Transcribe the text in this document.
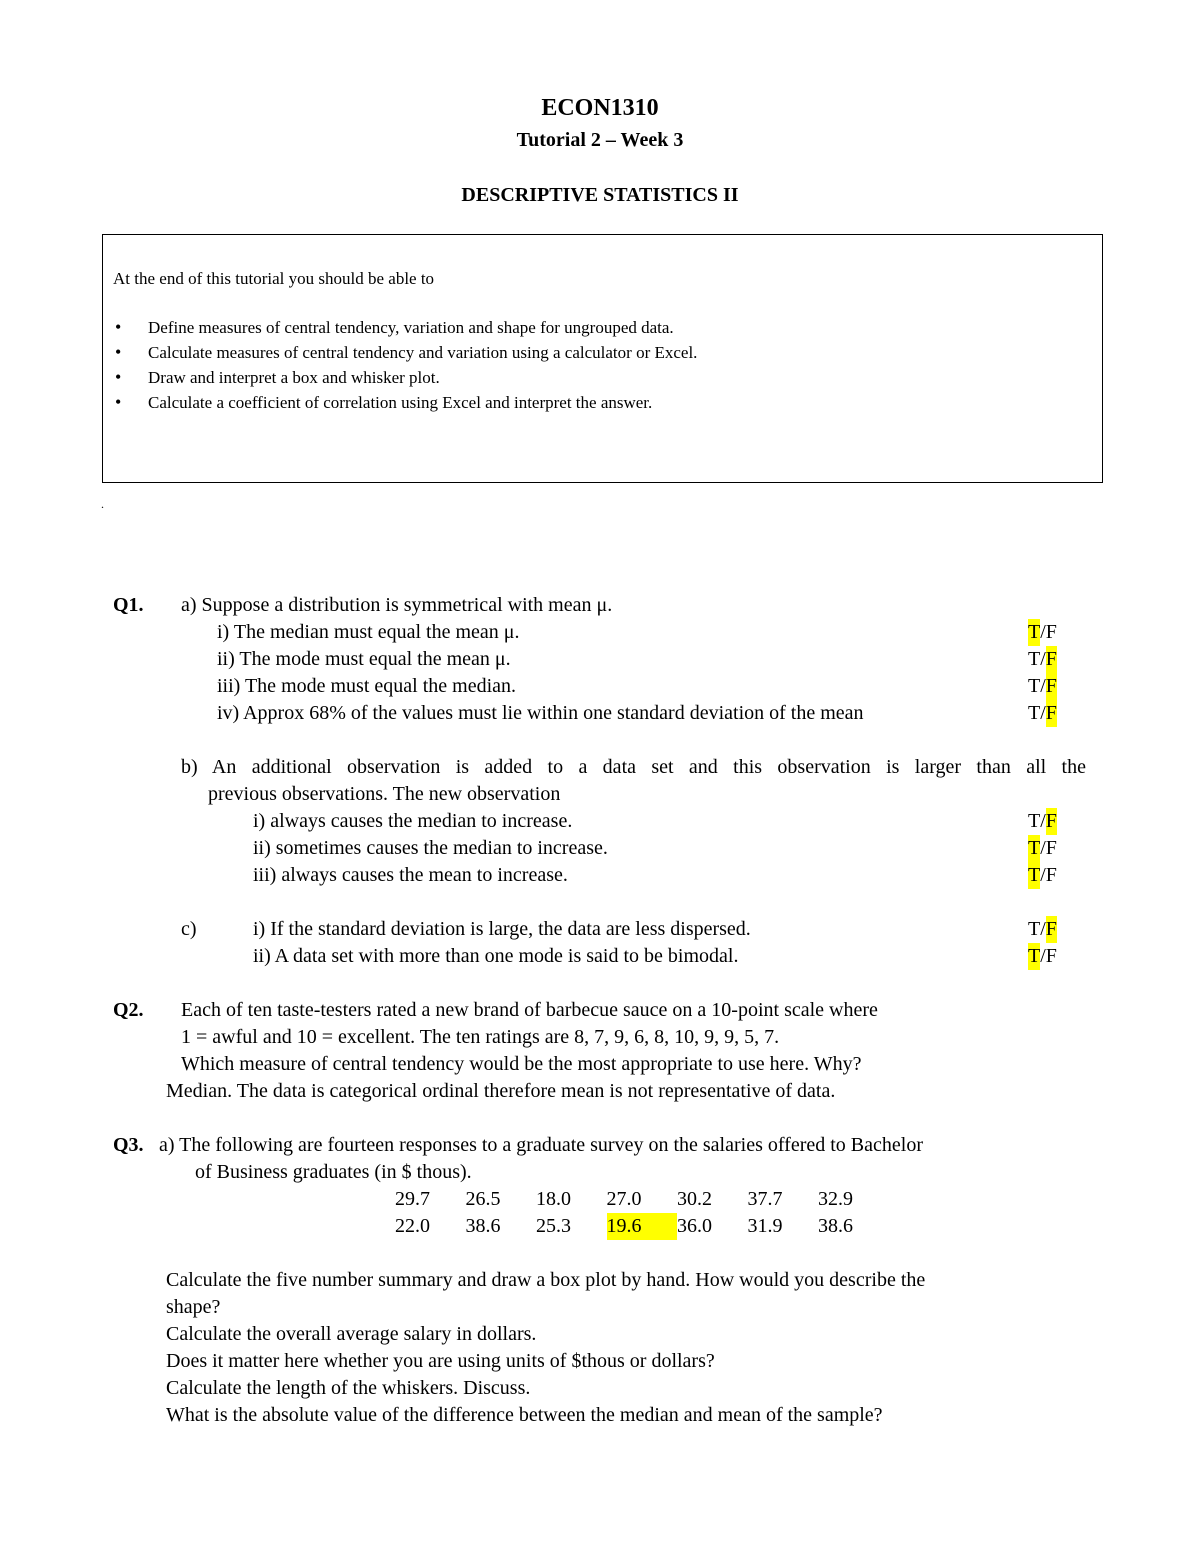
ECON1310
Tutorial 2 – Week 3
DESCRIPTIVE STATISTICS II
At the end of this tutorial you should be able to
• Define measures of central tendency, variation and shape for ungrouped data.
• Calculate measures of central tendency and variation using a calculator or Excel.
• Draw and interpret a box and whisker plot.
• Calculate a coefficient of correlation using Excel and interpret the answer.
.
Q1. a) Suppose a distribution is symmetrical with mean μ.
i) The median must equal the mean μ.	T/F
ii) The mode must equal the mean μ.	T/F
iii) The mode must equal the median.	T/F
iv) Approx 68% of the values must lie within one standard deviation of the mean	T/F
b) An additional observation is added to a data set and this observation is larger than all the
previous observations. The new observation
i) always causes the median to increase.	T/F
ii) sometimes causes the median to increase.	T/F
iii) always causes the mean to increase.	T/F
c)	i) If the standard deviation is large, the data are less dispersed.	T/F
ii) A data set with more than one mode is said to be bimodal.	T/F
Q2. Each of ten taste-testers rated a new brand of barbecue sauce on a 10-point scale where
1 = awful and 10 = excellent. The ten ratings are 8, 7, 9, 6, 8, 10, 9, 9, 5, 7.
Which measure of central tendency would be the most appropriate to use here. Why?
Median. The data is categorical ordinal therefore mean is not representative of data.
Q3. a) The following are fourteen responses to a graduate survey on the salaries offered to Bachelor
of Business graduates (in $ thous).
29.7 26.5 18.0 27.0 30.2 37.7 32.9
22.0 38.6 25.3 19.6 36.0 31.9 38.6
Calculate the five number summary and draw a box plot by hand. How would you describe the
shape?
Calculate the overall average salary in dollars.
Does it matter here whether you are using units of $thous or dollars?
Calculate the length of the whiskers. Discuss.
What is the absolute value of the difference between the median and mean of the sample?
